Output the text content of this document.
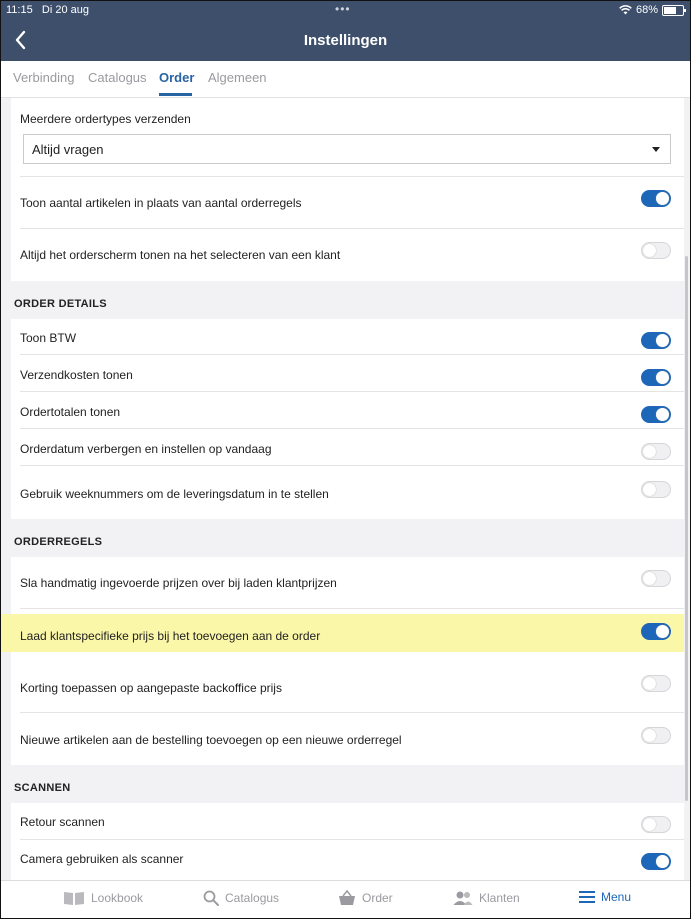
11:15 Di 20 aug	•••	68%
Instellingen
Verbinding Catalogus Order Algemeen
Meerdere ordertypes verzenden
Altijd vragen
Toon aantal artikelen in plaats van aantal orderregels
Altijd het orderscherm tonen na het selecteren van een klant
ORDER DETAILS
Toon BTW
Verzendkosten tonen
Ordertotalen tonen
Orderdatum verbergen en instellen op vandaag
Gebruik weeknummers om de leveringsdatum in te stellen
ORDERREGELS
Sla handmatig ingevoerde prijzen over bij laden klantprijzen
Laad klantspecifieke prijs bij het toevoegen aan de order
Korting toepassen op aangepaste backoffice prijs
Nieuwe artikelen aan de bestelling toevoegen op een nieuwe orderregel
SCANNEN
Retour scannen
Camera gebruiken als scanner
Lookbook	Catalogus	Order	Klanten	Menu
